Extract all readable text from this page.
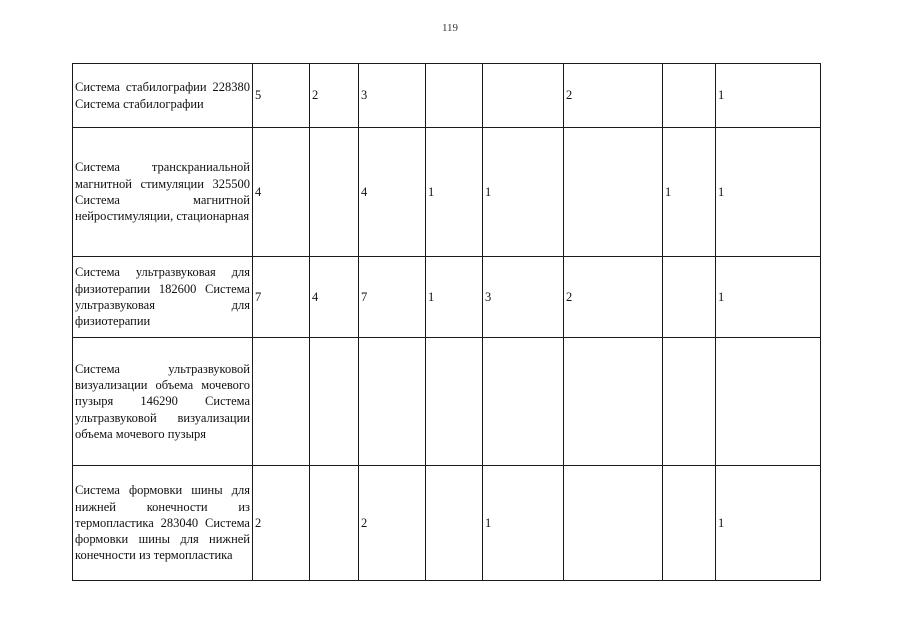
119
Система стабилографии 228380 Система стабилографии	5	2	3			2		1
Система транскраниальной магнитной стимуляции 325500 Система магнитной нейростимуляции, стационарная	4		4	1	1		1	1
Система ультразвуковая для физиотерапии 182600 Система ультразвуковая для физиотерапии	7	4	7	1	3	2		1
Система ультразвуковой визуализации объема мочевого пузыря 146290 Система ультразвуковой визуализации объема мочевого пузыря								
Система формовки шины для нижней конечности из термопластика 283040 Система формовки шины для нижней конечности из термопластика	2		2		1			1
